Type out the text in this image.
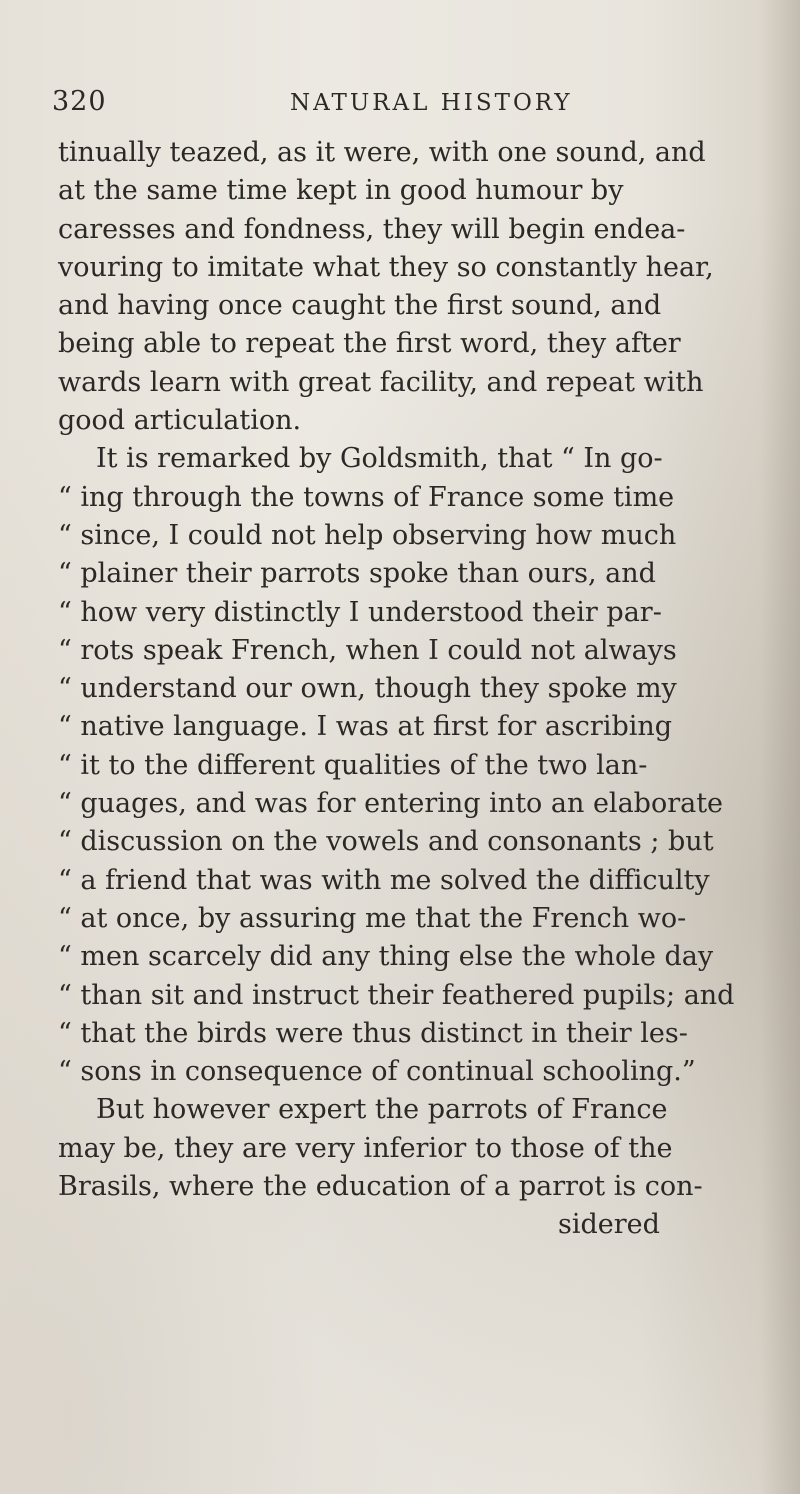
320	NATURAL HISTORY
tinually teazed, as it were, with one sound, and
at the same time kept in good humour by
caresses and fondness, they will begin endea-
vouring to imitate what they so constantly hear,
and having once caught the first sound, and
being able to repeat the first word, they after
wards learn with great facility, and repeat with
good articulation.
It is remarked by Goldsmith, that “ In go-
“ ing through the towns of France some time
“ since, I could not help observing how much
“ plainer their parrots spoke than ours, and
“ how very distinctly I understood their par-
“ rots speak French, when I could not always
“ understand our own, though they spoke my
“ native language. I was at first for ascribing
“ it to the different qualities of the two lan-
“ guages, and was for entering into an elaborate
“ discussion on the vowels and consonants ; but
“ a friend that was with me solved the difficulty
“ at once, by assuring me that the French wo-
“ men scarcely did any thing else the whole day
“ than sit and instruct their feathered pupils; and
“ that the birds were thus distinct in their les-
“ sons in consequence of continual schooling.”
But however expert the parrots of France
may be, they are very inferior to those of the
Brasils, where the education of a parrot is con-
sidered
